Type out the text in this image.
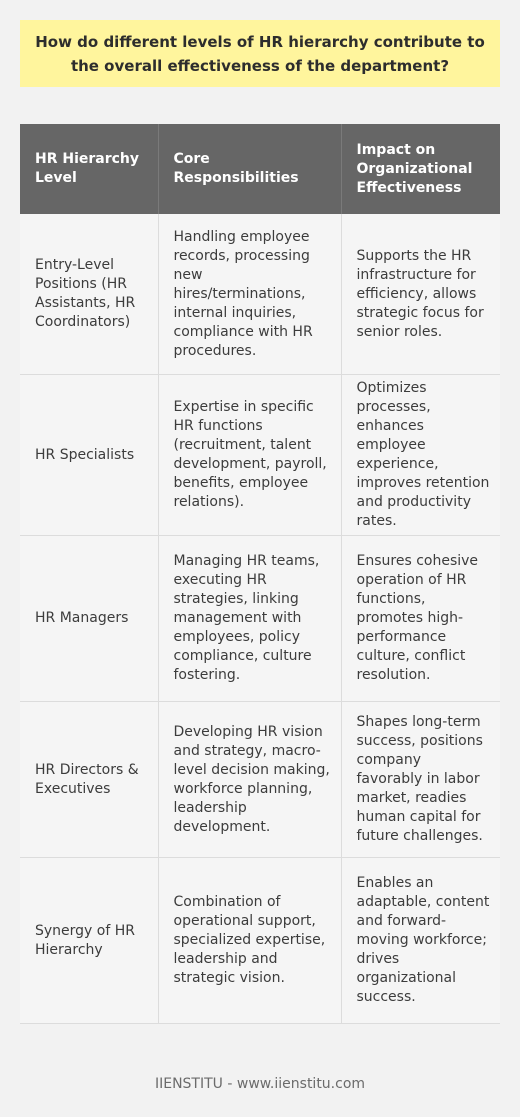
How do different levels of HR hierarchy contribute to the overall effectiveness of the department?
HR Hierarchy Level	Core Responsibilities	Impact on Organizational Effectiveness
Entry-Level Positions (HR Assistants, HR Coordinators)	Handling employee records, processing new hires/terminations, internal inquiries, compliance with HR procedures.	Supports the HR infrastructure for efficiency, allows strategic focus for senior roles.
HR Specialists	Expertise in specific HR functions (recruitment, talent development, payroll, benefits, employee relations).	Optimizes processes, enhances employee experience, improves retention and productivity rates.
HR Managers	Managing HR teams, executing HR strategies, linking management with employees, policy compliance, culture fostering.	Ensures cohesive operation of HR functions, promotes high-performance culture, conflict resolution.
HR Directors & Executives	Developing HR vision and strategy, macro-level decision making, workforce planning, leadership development.	Shapes long-term success, positions company favorably in labor market, readies human capital for future challenges.
Synergy of HR Hierarchy	Combination of operational support, specialized expertise, leadership and strategic vision.	Enables an adaptable, content and forward-moving workforce; drives organizational success.
IIENSTITU - www.iienstitu.com
